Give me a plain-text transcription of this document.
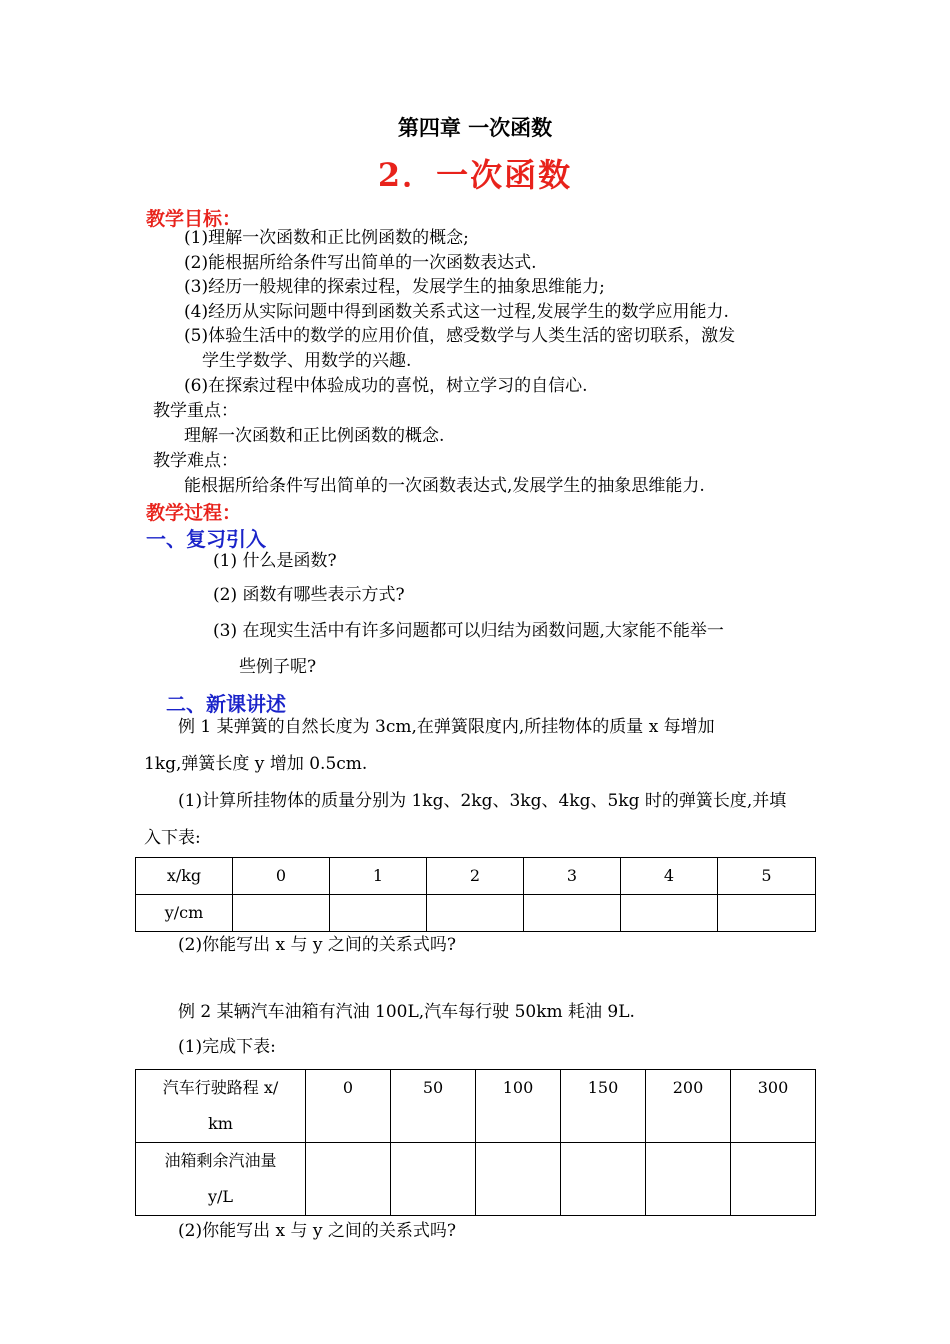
第四章 一次函数
2．一次函数
教学目标：
(1)理解一次函数和正比例函数的概念;
(2)能根据所给条件写出简单的一次函数表达式.
(3)经历一般规律的探索过程，发展学生的抽象思维能力;
(4)经历从实际问题中得到函数关系式这一过程,发展学生的数学应用能力.
(5)体验生活中的数学的应用价值，感受数学与人类生活的密切联系，激发
学生学数学、用数学的兴趣.
(6)在探索过程中体验成功的喜悦，树立学习的自信心.
教学重点：
理解一次函数和正比例函数的概念.
教学难点：
能根据所给条件写出简单的一次函数表达式,发展学生的抽象思维能力.
教学过程：
一、复习引入
(1) 什么是函数?
(2) 函数有哪些表示方式?
(3) 在现实生活中有许多问题都可以归结为函数问题,大家能不能举一
些例子呢?
二、新课讲述
例 1 某弹簧的自然长度为 3cm,在弹簧限度内,所挂物体的质量 x 每增加
1kg,弹簧长度 y 增加 0.5cm.
(1)计算所挂物体的质量分别为 1kg、2kg、3kg、4kg、5kg 时的弹簧长度,并填
入下表:
x/kg	0	1	2	3	4	5

y/cm						

(2)你能写出 x 与 y 之间的关系式吗?
例 2 某辆汽车油箱有汽油 100L,汽车每行驶 50km 耗油 9L.
(1)完成下表:
汽车行驶路程 x/
km	0	50	100	150	200	300

油箱剩余汽油量
y/L						

(2)你能写出 x 与 y 之间的关系式吗?
